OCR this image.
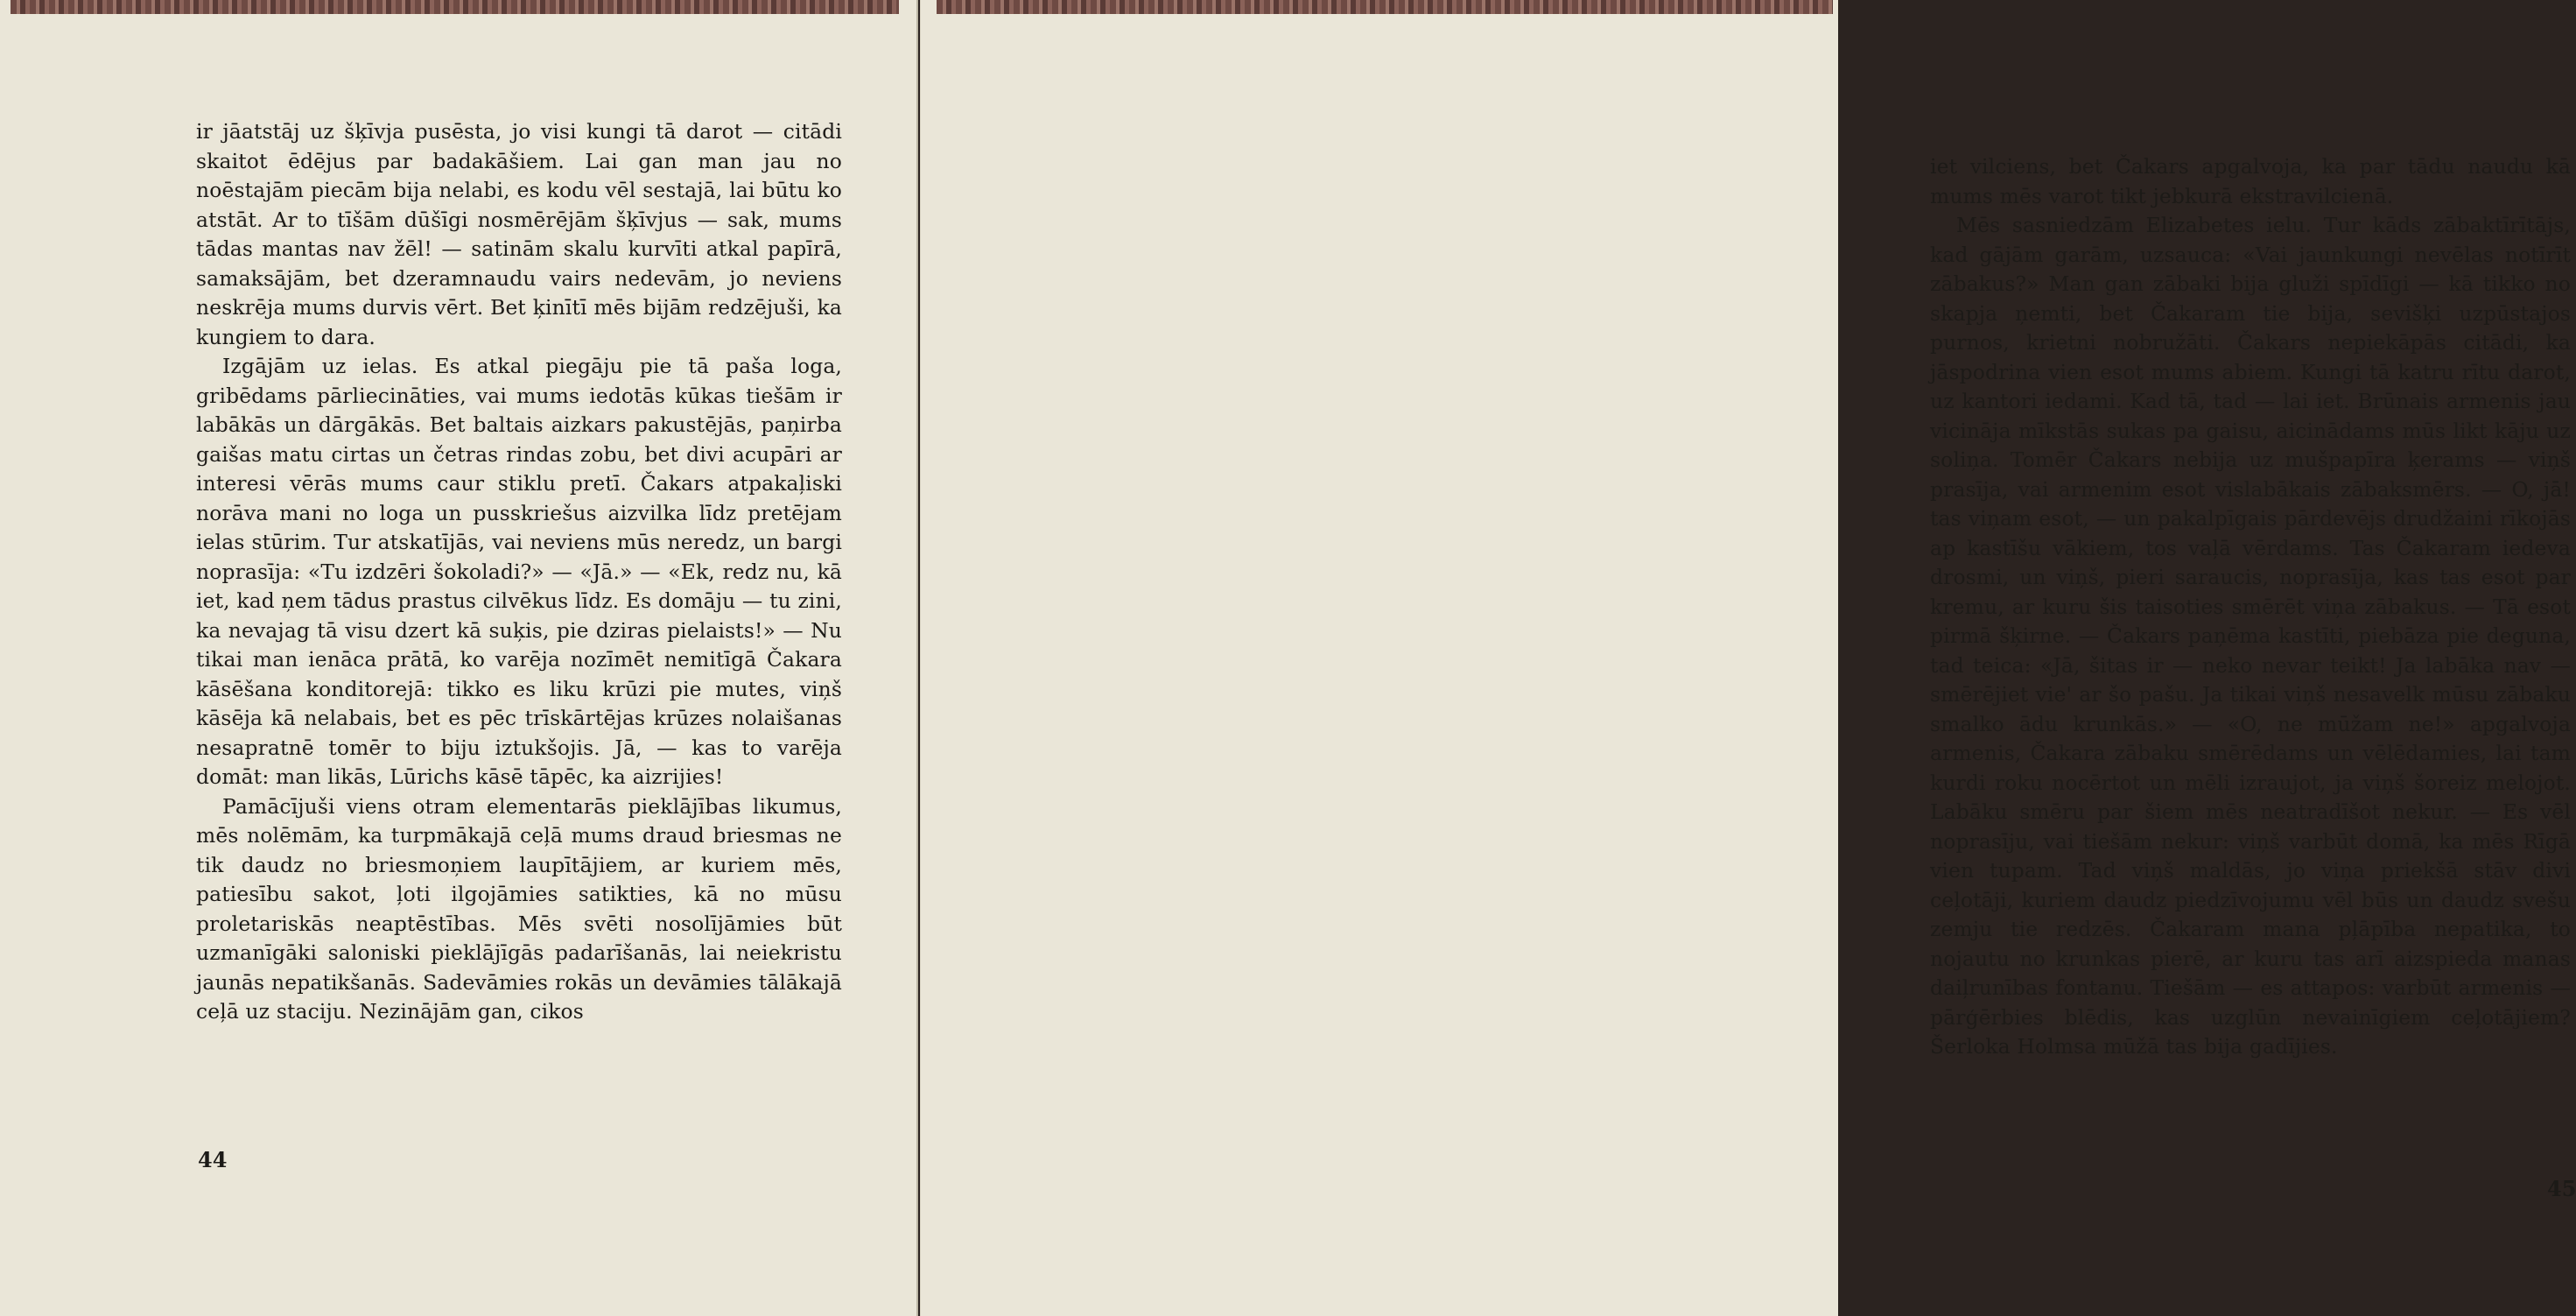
ir jāatstāj uz šķīvja pusēsta, jo visi kungi tā darot — citādi skaitot ēdējus par badakāšiem. Lai gan man jau no noēstajām piecām bija nelabi, es kodu vēl sestajā, lai būtu ko atstāt. Ar to tīšām dūšīgi nosmērējām šķīvjus — sak, mums tādas mantas nav žēl! — satinām skalu kurvīti atkal papīrā, samaksājām, bet dzeramnaudu vairs nedevām, jo neviens neskrēja mums durvis vērt. Bet ķinītī mēs bijām redzējuši, ka kungiem to dara.

Izgājām uz ielas. Es atkal piegāju pie tā paša loga, gribēdams pārliecināties, vai mums iedotās kūkas tiešām ir labākās un dārgākās. Bet baltais aizkars pakustējās, paņirba gaišas matu cirtas un četras rindas zobu, bet divi acupāri ar interesi vērās mums caur stiklu pretī. Čakars atpakaļiski norāva mani no loga un pusskriešus aizvilka līdz pretējam ielas stūrim. Tur atskatījās, vai neviens mūs neredz, un bargi noprasīja: «Tu izdzēri šokoladi?» — «Jā.» — «Ek, redz nu, kā iet, kad ņem tādus prastus cilvēkus līdz. Es domāju — tu zini, ka nevajag tā visu dzert kā suķis, pie dziras pielaists!» — Nu tikai man ienāca prātā, ko varēja nozīmēt nemitīgā Čakara kāsēšana konditorejā: tikko es liku krūzi pie mutes, viņš kāsēja kā nelabais, bet es pēc trīskārtējas krūzes nolaišanas nesapratnē tomēr to biju iztukšojis. Jā, — kas to varēja domāt: man likās, Lūrichs kāsē tāpēc, ka aizrijies!

Pamācījuši viens otram elementarās pieklājības likumus, mēs nolēmām, ka turpmākajā ceļā mums draud briesmas ne tik daudz no briesmoņiem laupītājiem, ar kuriem mēs, patiesību sakot, ļoti ilgojāmies satikties, kā no mūsu proletariskās neaptēstības. Mēs svēti nosolījāmies būt uzmanīgāki saloniski pieklājīgās padarīšanās, lai neiekristu jaunās nepatikšanās. Sadevāmies rokās un devāmies tālākajā ceļā uz staciju. Nezinājām gan, cikos

44

iet vilciens, bet Čakars apgalvoja, ka par tādu naudu kā mums mēs varot tikt jebkurā ekstravilcienā.

Mēs sasniedzām Elizabetes ielu. Tur kāds zābaktīrītājs, kad gājām garām, uzsauca: «Vai jaunkungi nevēlas notīrīt zābakus?» Man gan zābaki bija gluži spīdīgi — kā tikko no skapja ņemti, bet Čakaram tie bija, sevišķi uzpūstajos purnos, krietni nobružāti. Čakars nepiekāpās citādi, ka jāspodrina vien esot mums abiem. Kungi tā katru rītu darot, uz kantori iedami. Kad tā, tad — lai iet. Brūnais armenis jau vicināja mīkstās sukas pa gaisu, aicinādams mūs likt kāju uz soliņa. Tomēr Čakars nebija uz mušpapīra ķerams — viņš prasīja, vai armenim esot vislabākais zābaksmērs. — O, jā! tas viņam esot, — un pakalpīgais pārdevējs drudžaini rīkojās ap kastīšu vākiem, tos vaļā vērdams. Tas Čakaram iedeva drosmi, un viņš, pieri saraucis, noprasīja, kas tas esot par kremu, ar kuru šis taisoties smērēt viņa zābakus. — Tā esot pirmā šķirne. — Čakars paņēma kastīti, piebāza pie deguna, tad teica: «Jā, šitas ir — neko nevar teikt! Ja labāka nav — smērējiet vie' ar šo pašu. Ja tikai viņš nesavelk mūsu zābaku smalko ādu krunkās.» — «O, ne mūžam ne!» apgalvoja armenis, Čakara zābaku smērēdams un vēlēdamies, lai tam kurdi roku nocērtot un mēli izraujot, ja viņš šoreiz melojot. Labāku smēru par šiem mēs neatradīšot nekur. — Es vēl noprasīju, vai tiešām nekur: viņš varbūt domā, ka mēs Rīgā vien tupam. Tad viņš maldās, jo viņa priekšā stāv divi ceļotāji, kuriem daudz piedzīvojumu vēl būs un daudz svešu zemju tie redzēs. Čakaram mana pļāpība nepatika, to nojautu no krunkas pierē, ar kuru tas arī aizspieda manas daiļrunības fontanu. Tiešām — es attapos: varbūt armenis — pārģērbies blēdis, kas uzglūn nevainīgiem ceļotājiem? Šerloka Holmsa mūžā tas bija gadījies.

45
